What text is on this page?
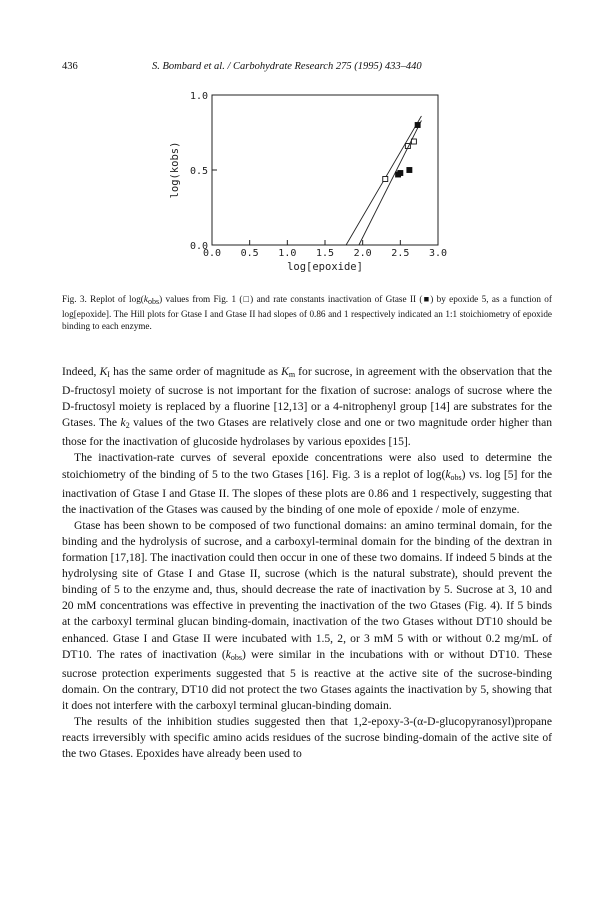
436	S. Bombard et al. / Carbohydrate Research 275 (1995) 433–440
0.0 0.5 1.0 1.5 2.0 2.5 3.0
0.0
0.5
1.0
log[epoxide]
log(kobs)
Fig. 3. Replot of log(kobs) values from Fig. 1 (□) and rate constants inactivation of Gtase II (■) by epoxide 5, as a function of log[epoxide]. The Hill plots for Gtase I and Gtase II had slopes of 0.86 and 1 respectively indicated an 1:1 stoichiometry of epoxide binding to each enzyme.

Indeed, $K_I$ has the same order of magnitude as $K_m$ for sucrose, in agreement with the observation that the D-fructosyl moiety of sucrose is not important for the fixation of sucrose: analogs of sucrose where the D-fructosyl moiety is replaced by a fluorine [12,13] or a 4-nitrophenyl group [14] are substrates for the Gtases. The $k_2$ values of the two Gtases are relatively close and one or two magnitude order higher than those for the inactivation of glucoside hydrolases by various epoxides [15].

The inactivation-rate curves of several epoxide concentrations were also used to determine the stoichiometry of the binding of 5 to the two Gtases [16]. Fig. 3 is a replot of $\log(k_{obs})$ vs. log [5] for the inactivation of Gtase I and Gtase II. The slopes of these plots are 0.86 and 1 respectively, suggesting that the inactivation of the Gtases was caused by the binding of one mole of epoxide / mole of enzyme.

Gtase has been shown to be composed of two functional domains: an amino terminal domain, for the binding and the hydrolysis of sucrose, and a carboxyl-terminal domain for the binding of the dextran in formation [17,18]. The inactivation could then occur in one of these two domains. If indeed 5 binds at the hydrolysing site of Gtase I and Gtase II, sucrose (which is the natural substrate), should prevent the binding of 5 to the enzyme and, thus, should decrease the rate of inactivation by 5. Sucrose at 3, 10 and 20 mM concentrations was effective in preventing the inactivation of the two Gtases (Fig. 4). If 5 binds at the carboxyl terminal glucan binding-domain, inactivation of the two Gtases without DT10 should be enhanced. Gtase I and Gtase II were incubated with 1.5, 2, or 3 mM 5 with or without 0.2 mg/mL of DT10. The rates of inactivation $(k_{obs})$ were similar in the incubations with or without DT10. These sucrose protection experiments suggested that 5 is reactive at the active site of the sucrose-binding domain. On the contrary, DT10 did not protect the two Gtases againts the inactivation by 5, showing that it does not interfere with the carboxyl terminal glucan-binding domain.

The results of the inhibition studies suggested then that 1,2-epoxy-3-(α-D-glucopyranosyl)propane reacts irreversibly with specific amino acids residues of the sucrose binding-domain of the active site of the two Gtases. Epoxides have already been used to
